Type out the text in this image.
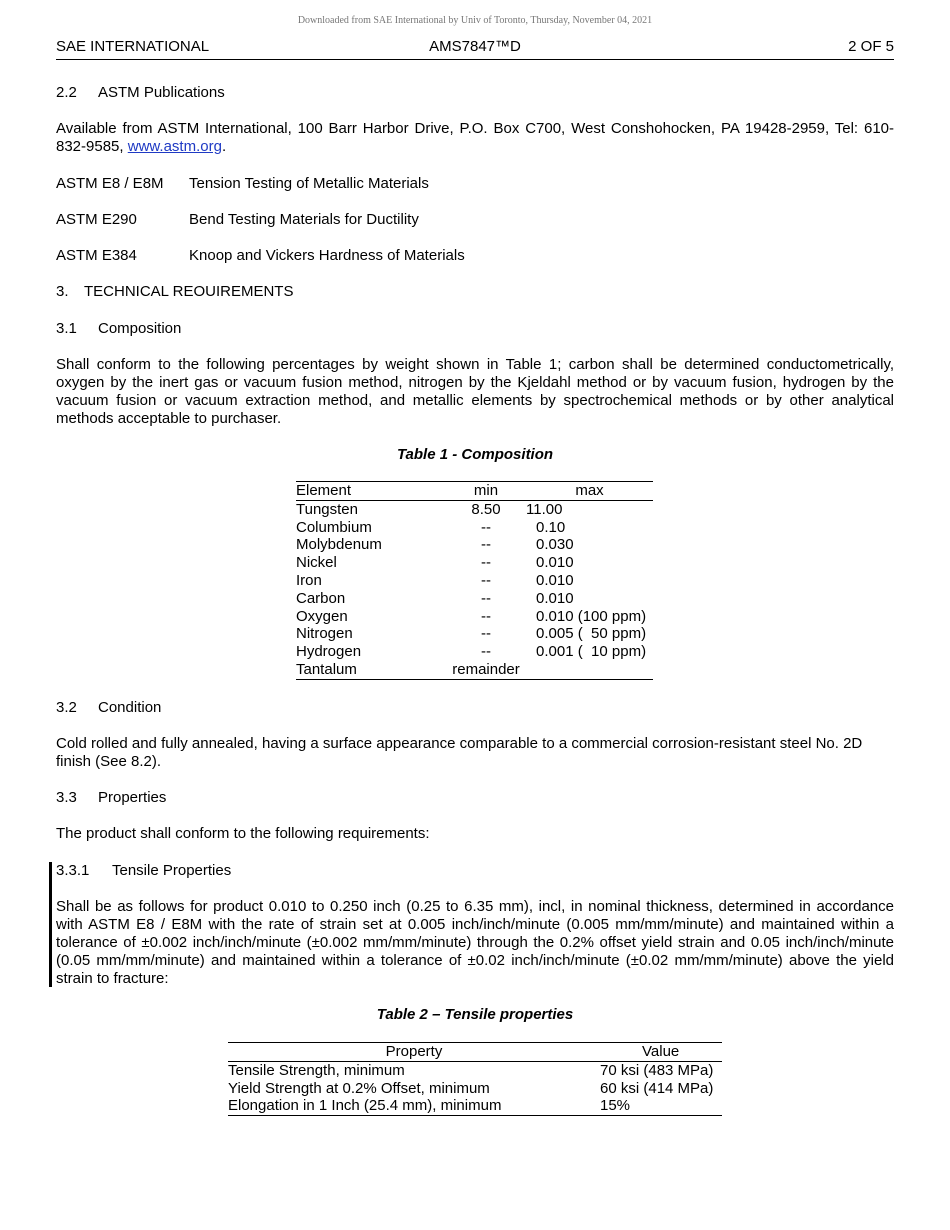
Downloaded from SAE International by Univ of Toronto, Thursday, November 04, 2021
SAE INTERNATIONAL	AMS7847™D	2 OF 5
2.2 ASTM Publications
Available from ASTM International, 100 Barr Harbor Drive, P.O. Box C700, West Conshohocken, PA 19428-2959, Tel: 610-832-9585, www.astm.org.
ASTM E8 / E8M Tension Testing of Metallic Materials
ASTM E290	Bend Testing Materials for Ductility
ASTM E384	Knoop and Vickers Hardness of Materials
3. TECHNICAL REOUIREMENTS
3.1 Composition
Shall conform to the following percentages by weight shown in Table 1; carbon shall be determined conductometrically, oxygen by the inert gas or vacuum fusion method, nitrogen by the Kjeldahl method or by vacuum fusion, hydrogen by the vacuum fusion or vacuum extraction method, and metallic elements by spectrochemical methods or by other analytical methods acceptable to purchaser.
Table 1 - Composition
Element	min	max
Tungsten	8.50	11.00
Columbium	--	0.10
Molybdenum	--	0.030
Nickel	--	0.010
Iron	--	0.010
Carbon	--	0.010
Oxygen	--	0.010 (100 ppm)
Nitrogen	--	0.005 (  50 ppm)
Hydrogen	--	0.001 (  10 ppm)
Tantalum	remainder	
3.2 Condition
Cold rolled and fully annealed, having a surface appearance comparable to a commercial corrosion-resistant steel No. 2D finish (See 8.2).
3.3 Properties
The product shall conform to the following requirements:
3.3.1 Tensile Properties
Shall be as follows for product 0.010 to 0.250 inch (0.25 to 6.35 mm), incl, in nominal thickness, determined in accordance with ASTM E8 / E8M with the rate of strain set at 0.005 inch/inch/minute (0.005 mm/mm/minute) and maintained within a tolerance of ±0.002 inch/inch/minute (±0.002 mm/mm/minute) through the 0.2% offset yield strain and 0.05 inch/inch/minute (0.05 mm/mm/minute) and maintained within a tolerance of ±0.02 inch/inch/minute (±0.02 mm/mm/minute) above the yield strain to fracture:
Table 2 – Tensile properties
Property	Value
Tensile Strength, minimum	70 ksi (483 MPa)
Yield Strength at 0.2% Offset, minimum	60 ksi (414 MPa)
Elongation in 1 Inch (25.4 mm), minimum	15%
